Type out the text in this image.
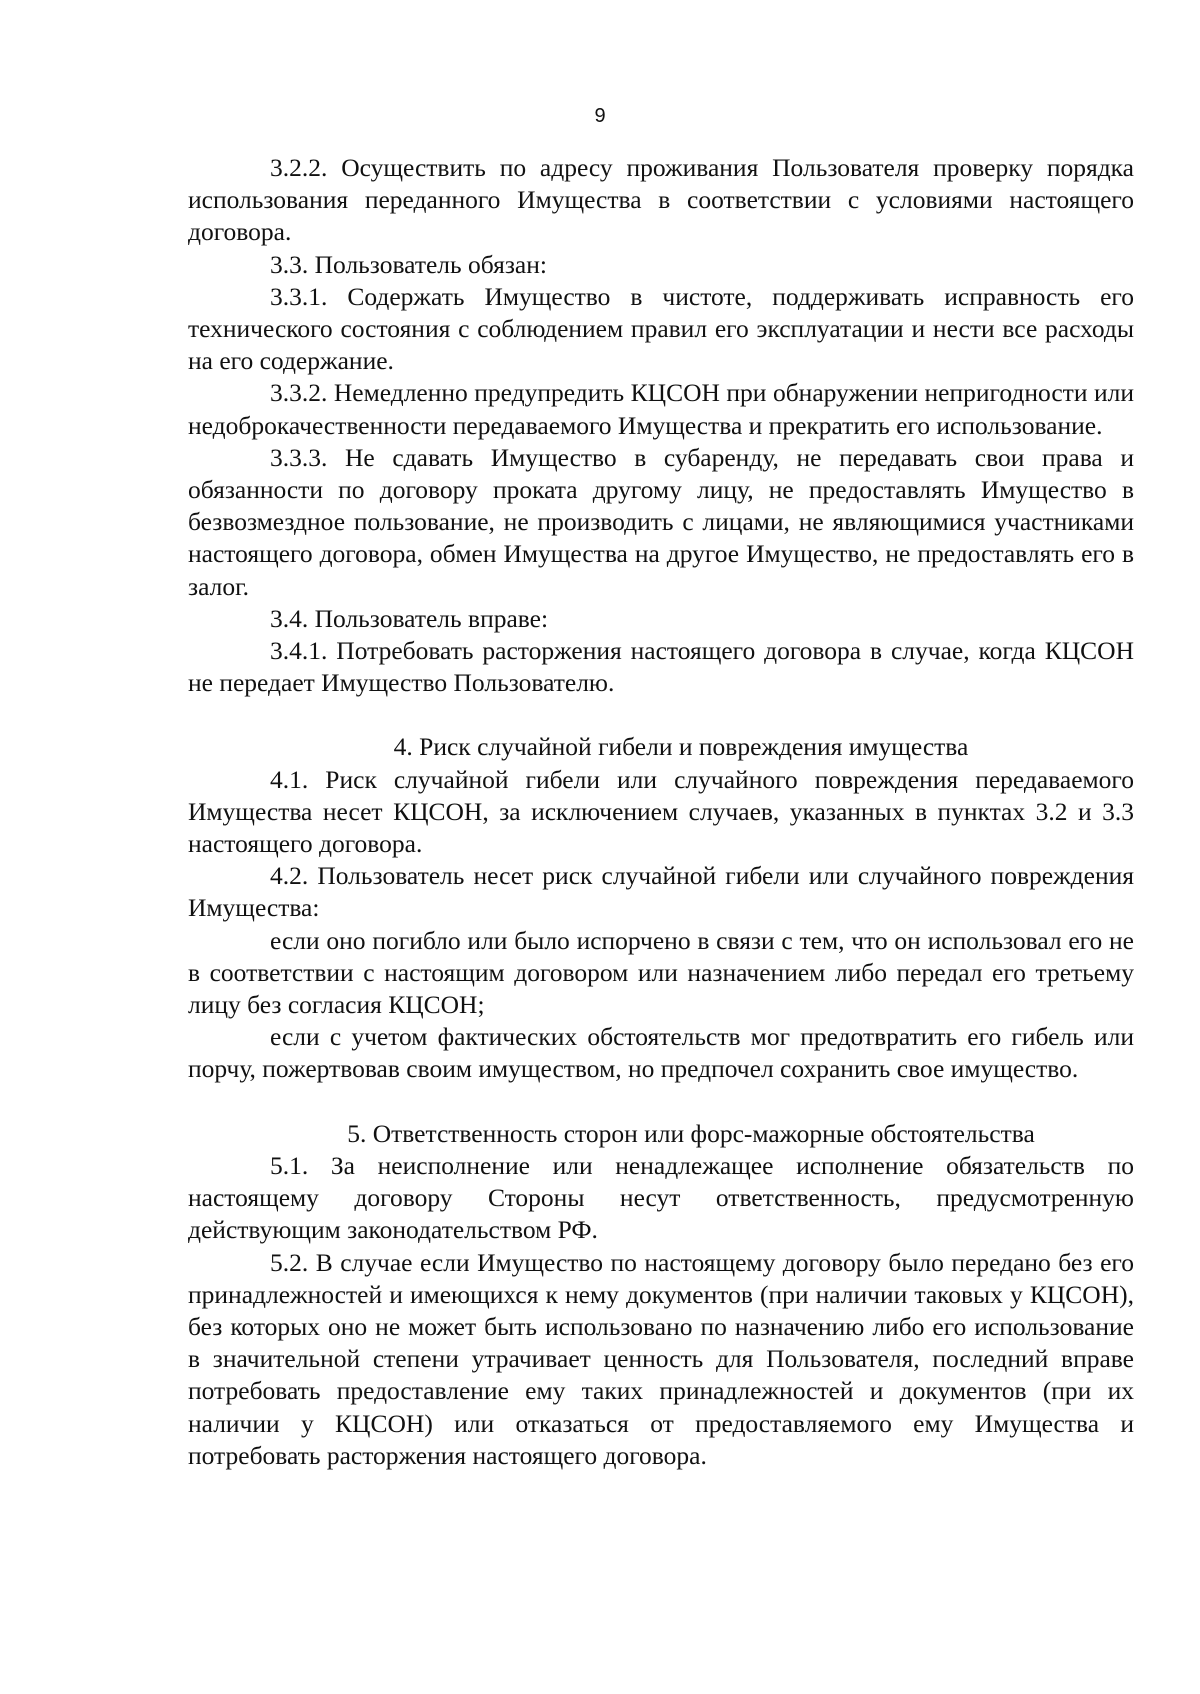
9

3.2.2. Осуществить по адресу проживания Пользователя проверку порядка использования переданного Имущества в соответствии с условиями настоящего договора.

3.3. Пользователь обязан:

3.3.1. Содержать Имущество в чистоте, поддерживать исправность его технического состояния с соблюдением правил его эксплуатации и нести все расходы на его содержание.

3.3.2. Немедленно предупредить КЦСОН при обнаружении непригодности или недоброкачественности передаваемого Имущества и прекратить его использование.

3.3.3. Не сдавать Имущество в субаренду, не передавать свои права и обязанности по договору проката другому лицу, не предоставлять Имущество в безвозмездное пользование, не производить с лицами, не являющимися участниками настоящего договора, обмен Имущества на другое Имущество, не предоставлять его в залог.

3.4. Пользователь вправе:

3.4.1. Потребовать расторжения настоящего договора в случае, когда КЦСОН не передает Имущество Пользователю.

4. Риск случайной гибели и повреждения имущества

4.1. Риск случайной гибели или случайного повреждения передаваемого Имущества несет КЦСОН, за исключением случаев, указанных в пунктах 3.2 и 3.3 настоящего договора.

4.2. Пользователь несет риск случайной гибели или случайного повреждения Имущества:

если оно погибло или было испорчено в связи с тем, что он использовал его не в соответствии с настоящим договором или назначением либо передал его третьему лицу без согласия КЦСОН;

если с учетом фактических обстоятельств мог предотвратить его гибель или порчу, пожертвовав своим имуществом, но предпочел сохранить свое имущество.

5. Ответственность сторон или форс-мажорные обстоятельства

5.1. За неисполнение или ненадлежащее исполнение обязательств по настоящему договору Стороны несут ответственность, предусмотренную действующим законодательством РФ.

5.2. В случае если Имущество по настоящему договору было передано без его принадлежностей и имеющихся к нему документов (при наличии таковых у КЦСОН), без которых оно не может быть использовано по назначению либо его использование в значительной степени утрачивает ценность для Пользователя, последний вправе потребовать предоставление ему таких принадлежностей и документов (при их наличии у КЦСОН) или отказаться от предоставляемого ему Имущества и потребовать расторжения настоящего договора.
